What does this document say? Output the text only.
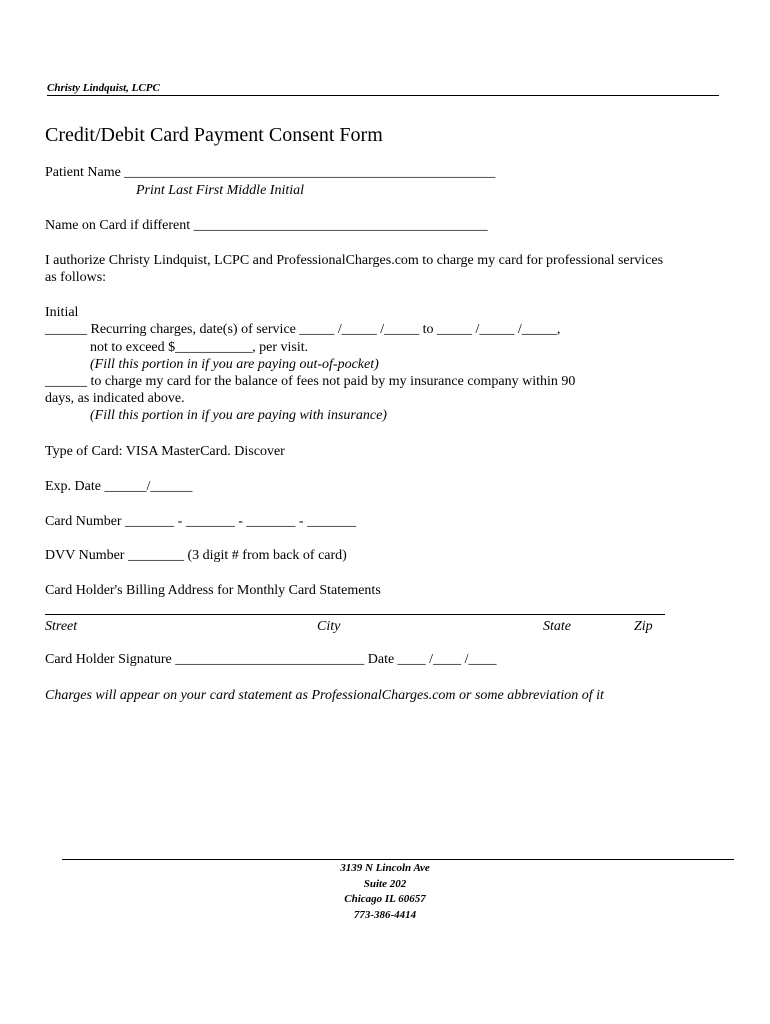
Christy Lindquist, LCPC
Credit/Debit Card Payment Consent Form
Patient Name _____________________________________________________
Print Last First Middle Initial
Name on Card if different __________________________________________
I authorize Christy Lindquist, LCPC and ProfessionalCharges.com to charge my card for professional services
as follows:
Initial
______ Recurring charges, date(s) of service _____ /_____ /_____ to _____ /_____ /_____,
not to exceed $___________, per visit.
(Fill this portion in if you are paying out-of-pocket)
______ to charge my card for the balance of fees not paid by my insurance company within 90
days, as indicated above.
(Fill this portion in if you are paying with insurance)
Type of Card: VISA MasterCard. Discover
Exp. Date ______/______
Card Number _______ - _______ - _______ - _______
DVV Number ________ (3 digit # from back of card)
Card Holder's Billing Address for Monthly Card Statements
Street	City	State	Zip
Card Holder Signature ___________________________ Date ____ /____ /____
Charges will appear on your card statement as ProfessionalCharges.com or some abbreviation of it
3139 N Lincoln Ave
Suite 202
Chicago IL 60657
773-386-4414
